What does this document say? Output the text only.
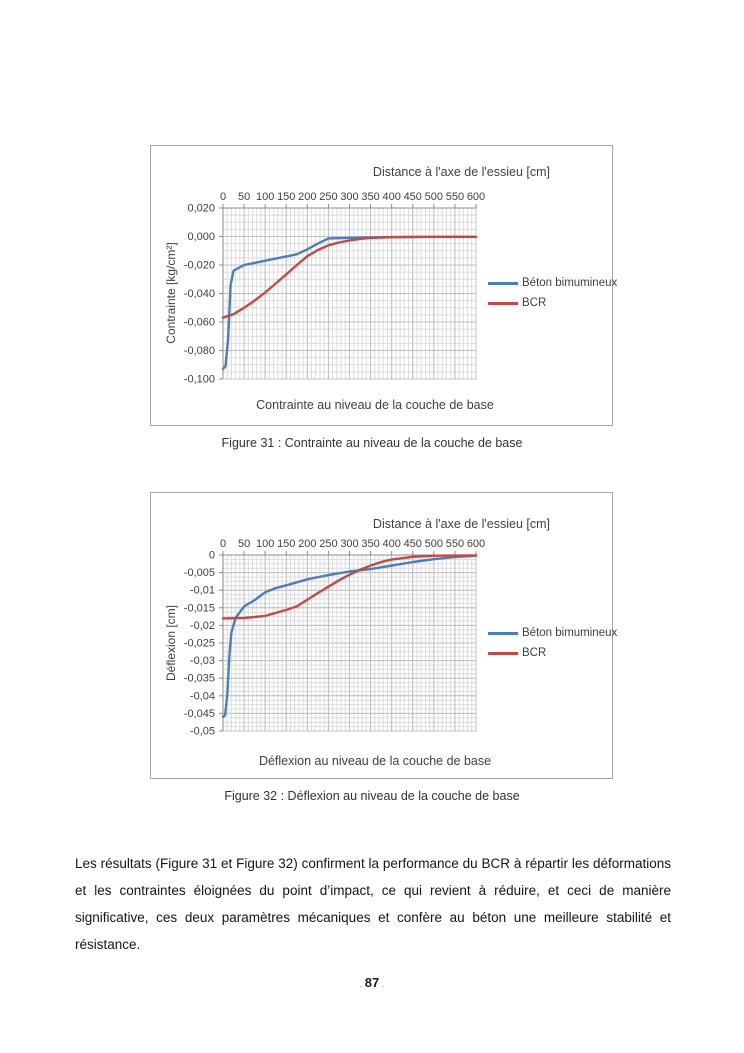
0 50 100 150 200 250 300 350 400 450 500 550 600
0,020
0,000
-0,020
-0,040
-0,060
-0,080
-0,100
Distance à l'axe de l'essieu [cm]
Contrainte [kg/cm²]	Béton bimumineux
BCR
Contrainte au niveau de la couche de base
Figure 31 : Contrainte au niveau de la couche de base
0 50 100 150 200 250 300 350 400 450 500 550 600
0
-0,005
-0,01
-0,015
-0,02
-0,025
-0,03
-0,035
-0,04
-0,045
-0,05
Distance à l'axe de l'essieu [cm]
Déflexion [cm]	Béton bimumineux
BCR
Déflexion au niveau de la couche de base
Figure 32 : Déflexion au niveau de la couche de base

Les résultats (Figure 31 et Figure 32) confirment la performance du BCR à répartir les déformations et les contraintes éloignées du point d’impact, ce qui revient à réduire, et ceci de manière significative, ces deux paramètres mécaniques et confère au béton une meilleure stabilité et résistance.

. 87 .
